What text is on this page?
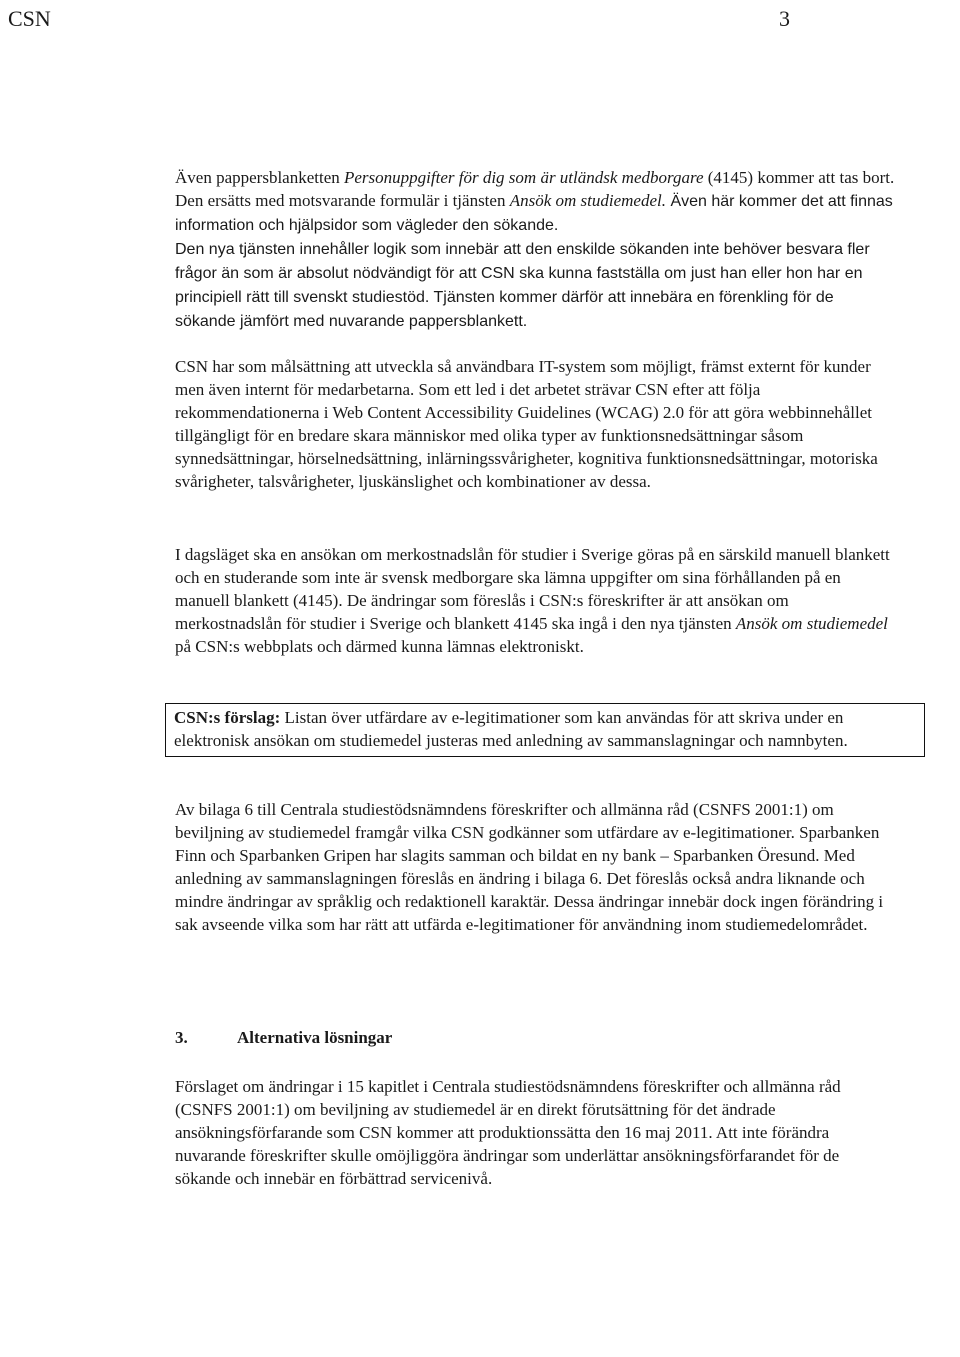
CSN	3

Även pappersblanketten Personuppgifter för dig som är utländsk medborgare (4145) kommer att tas bort. Den ersätts med motsvarande formulär i tjänsten Ansök om studiemedel. Även här kommer det att finnas information och hjälpsidor som vägleder den sökande.
Den nya tjänsten innehåller logik som innebär att den enskilde sökanden inte behöver besvara fler frågor än som är absolut nödvändigt för att CSN ska kunna fastställa om just han eller hon har en principiell rätt till svenskt studiestöd. Tjänsten kommer därför att innebära en förenkling för de sökande jämfört med nuvarande pappersblankett.

CSN har som målsättning att utveckla så användbara IT-system som möjligt, främst externt för kunder men även internt för medarbetarna. Som ett led i det arbetet strävar CSN efter att följa rekommendationerna i Web Content Accessibility Guidelines (WCAG) 2.0 för att göra webbinnehållet tillgängligt för en bredare skara människor med olika typer av funktionsnedsättningar såsom synnedsättningar, hörselnedsättning, inlärningssvårigheter, kognitiva funktionsnedsättningar, motoriska svårigheter, talsvårigheter, ljuskänslighet och kombinationer av dessa.

I dagsläget ska en ansökan om merkostnadslån för studier i Sverige göras på en särskild manuell blankett och en studerande som inte är svensk medborgare ska lämna uppgifter om sina förhållanden på en manuell blankett (4145). De ändringar som föreslås i CSN:s föreskrifter är att ansökan om merkostnadslån för studier i Sverige och blankett 4145 ska ingå i den nya tjänsten Ansök om studiemedel på CSN:s webbplats och därmed kunna lämnas elektroniskt.

CSN:s förslag: Listan över utfärdare av e-legitimationer som kan användas för att skriva under en elektronisk ansökan om studiemedel justeras med anledning av sammanslagningar och namnbyten.

Av bilaga 6 till Centrala studiestödsnämndens föreskrifter och allmänna råd (CSNFS 2001:1) om beviljning av studiemedel framgår vilka CSN godkänner som utfärdare av e-legitimationer. Sparbanken Finn och Sparbanken Gripen har slagits samman och bildat en ny bank – Sparbanken Öresund. Med anledning av sammanslagningen föreslås en ändring i bilaga 6. Det föreslås också andra liknande och mindre ändringar av språklig och redaktionell karaktär. Dessa ändringar innebär dock ingen förändring i sak avseende vilka som har rätt att utfärda e-legitimationer för användning inom studiemedelområdet.

3.	Alternativa lösningar

Förslaget om ändringar i 15 kapitlet i Centrala studiestödsnämndens föreskrifter och allmänna råd (CSNFS 2001:1) om beviljning av studiemedel är en direkt förutsättning för det ändrade ansökningsförfarande som CSN kommer att produktionssätta den 16 maj 2011. Att inte förändra nuvarande föreskrifter skulle omöjliggöra ändringar som underlättar ansökningsförfarandet för de sökande och innebär en förbättrad servicenivå.
